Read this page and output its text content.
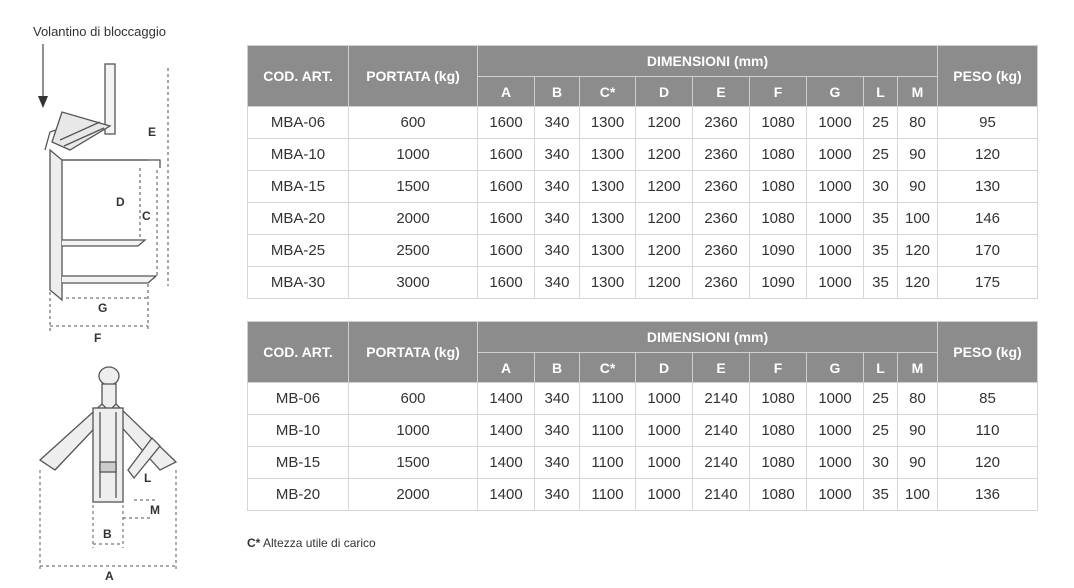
Volantino di bloccaggio
E
D
C
G
F
L
M
B
A
COD. ART.	PORTATA (kg)	DIMENSIONI (mm)									PESO (kg)
		A	B	C*	D	E	F	G	L	M	
MBA-06	600	1600	340	1300	1200	2360	1080	1000	25	80	95
MBA-10	1000	1600	340	1300	1200	2360	1080	1000	25	90	120
MBA-15	1500	1600	340	1300	1200	2360	1080	1000	30	90	130
MBA-20	2000	1600	340	1300	1200	2360	1080	1000	35	100	146
MBA-25	2500	1600	340	1300	1200	2360	1090	1000	35	120	170
MBA-30	3000	1600	340	1300	1200	2360	1090	1000	35	120	175
COD. ART.	PORTATA (kg)	DIMENSIONI (mm)									PESO (kg)
		A	B	C*	D	E	F	G	L	M	
MB-06	600	1400	340	1100	1000	2140	1080	1000	25	80	85
MB-10	1000	1400	340	1100	1000	2140	1080	1000	25	90	110
MB-15	1500	1400	340	1100	1000	2140	1080	1000	30	90	120
MB-20	2000	1400	340	1100	1000	2140	1080	1000	35	100	136
C* Altezza utile di carico
